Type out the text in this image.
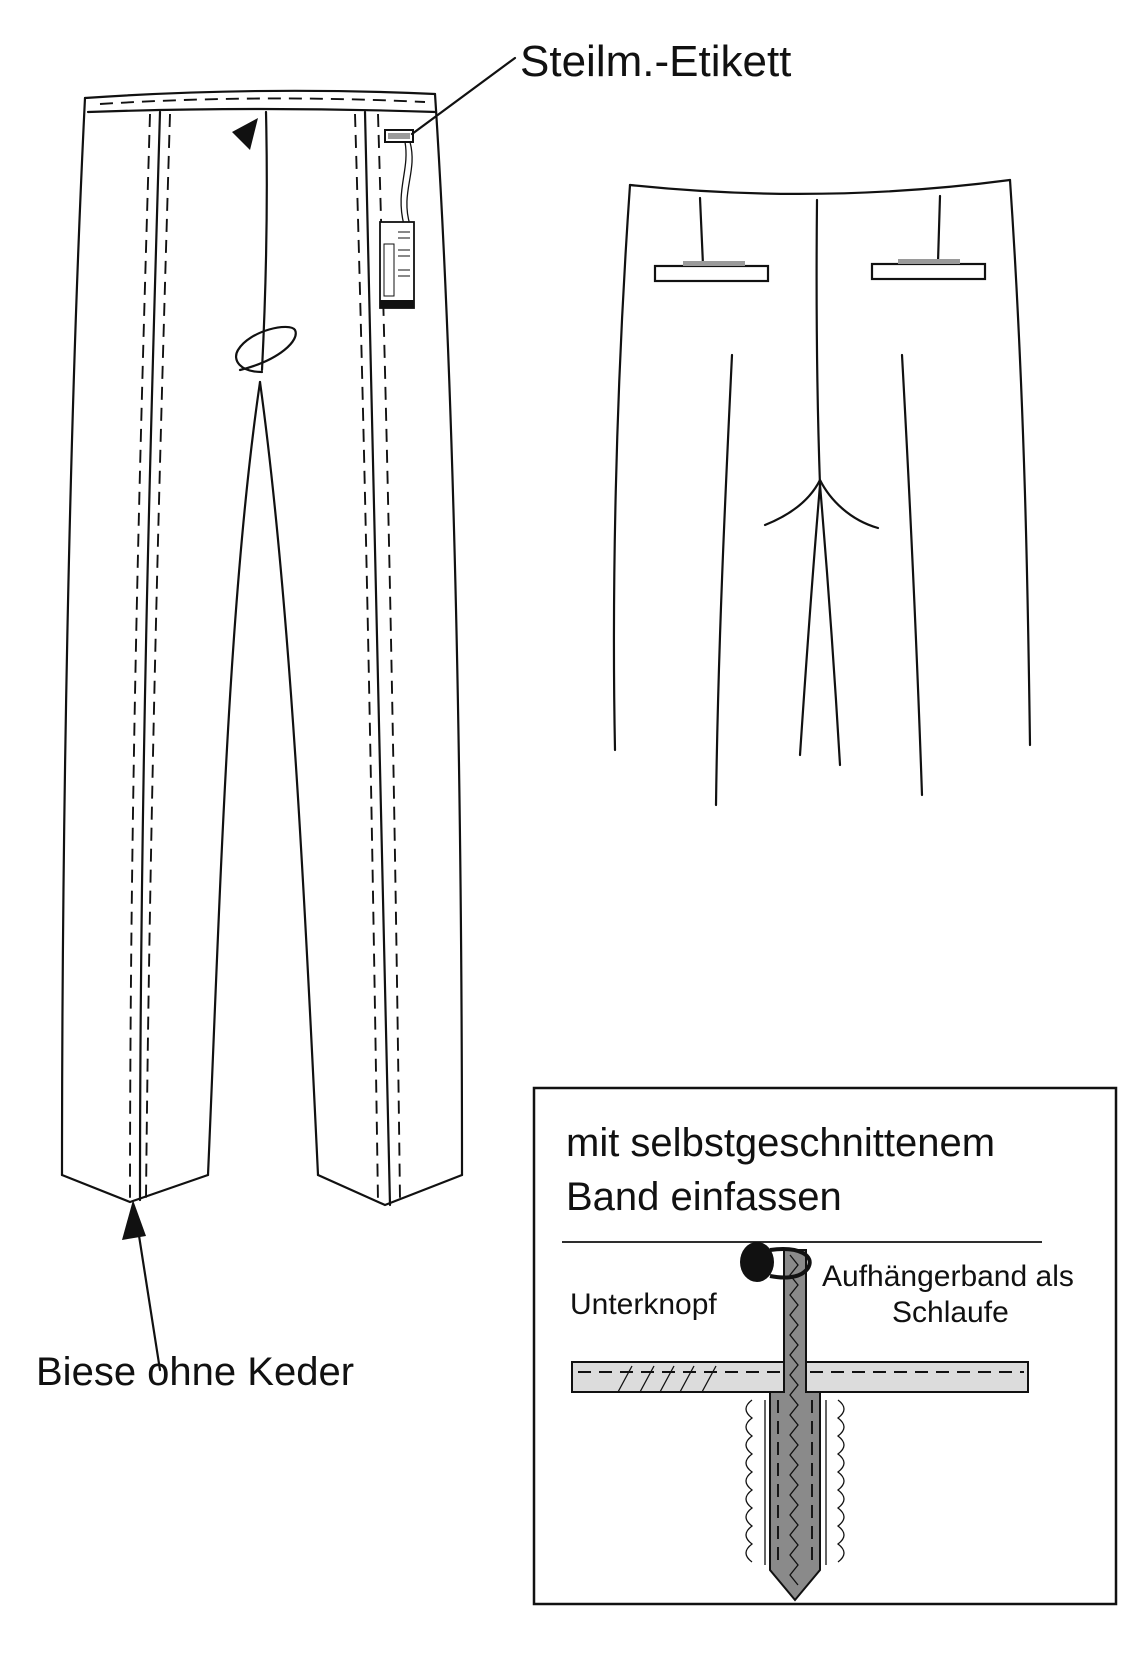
Steilm.-Etikett
Biese ohne Keder
mit selbstgeschnittenem
Band einfassen
Unterknopf
Aufhängerband als
Schlaufe
